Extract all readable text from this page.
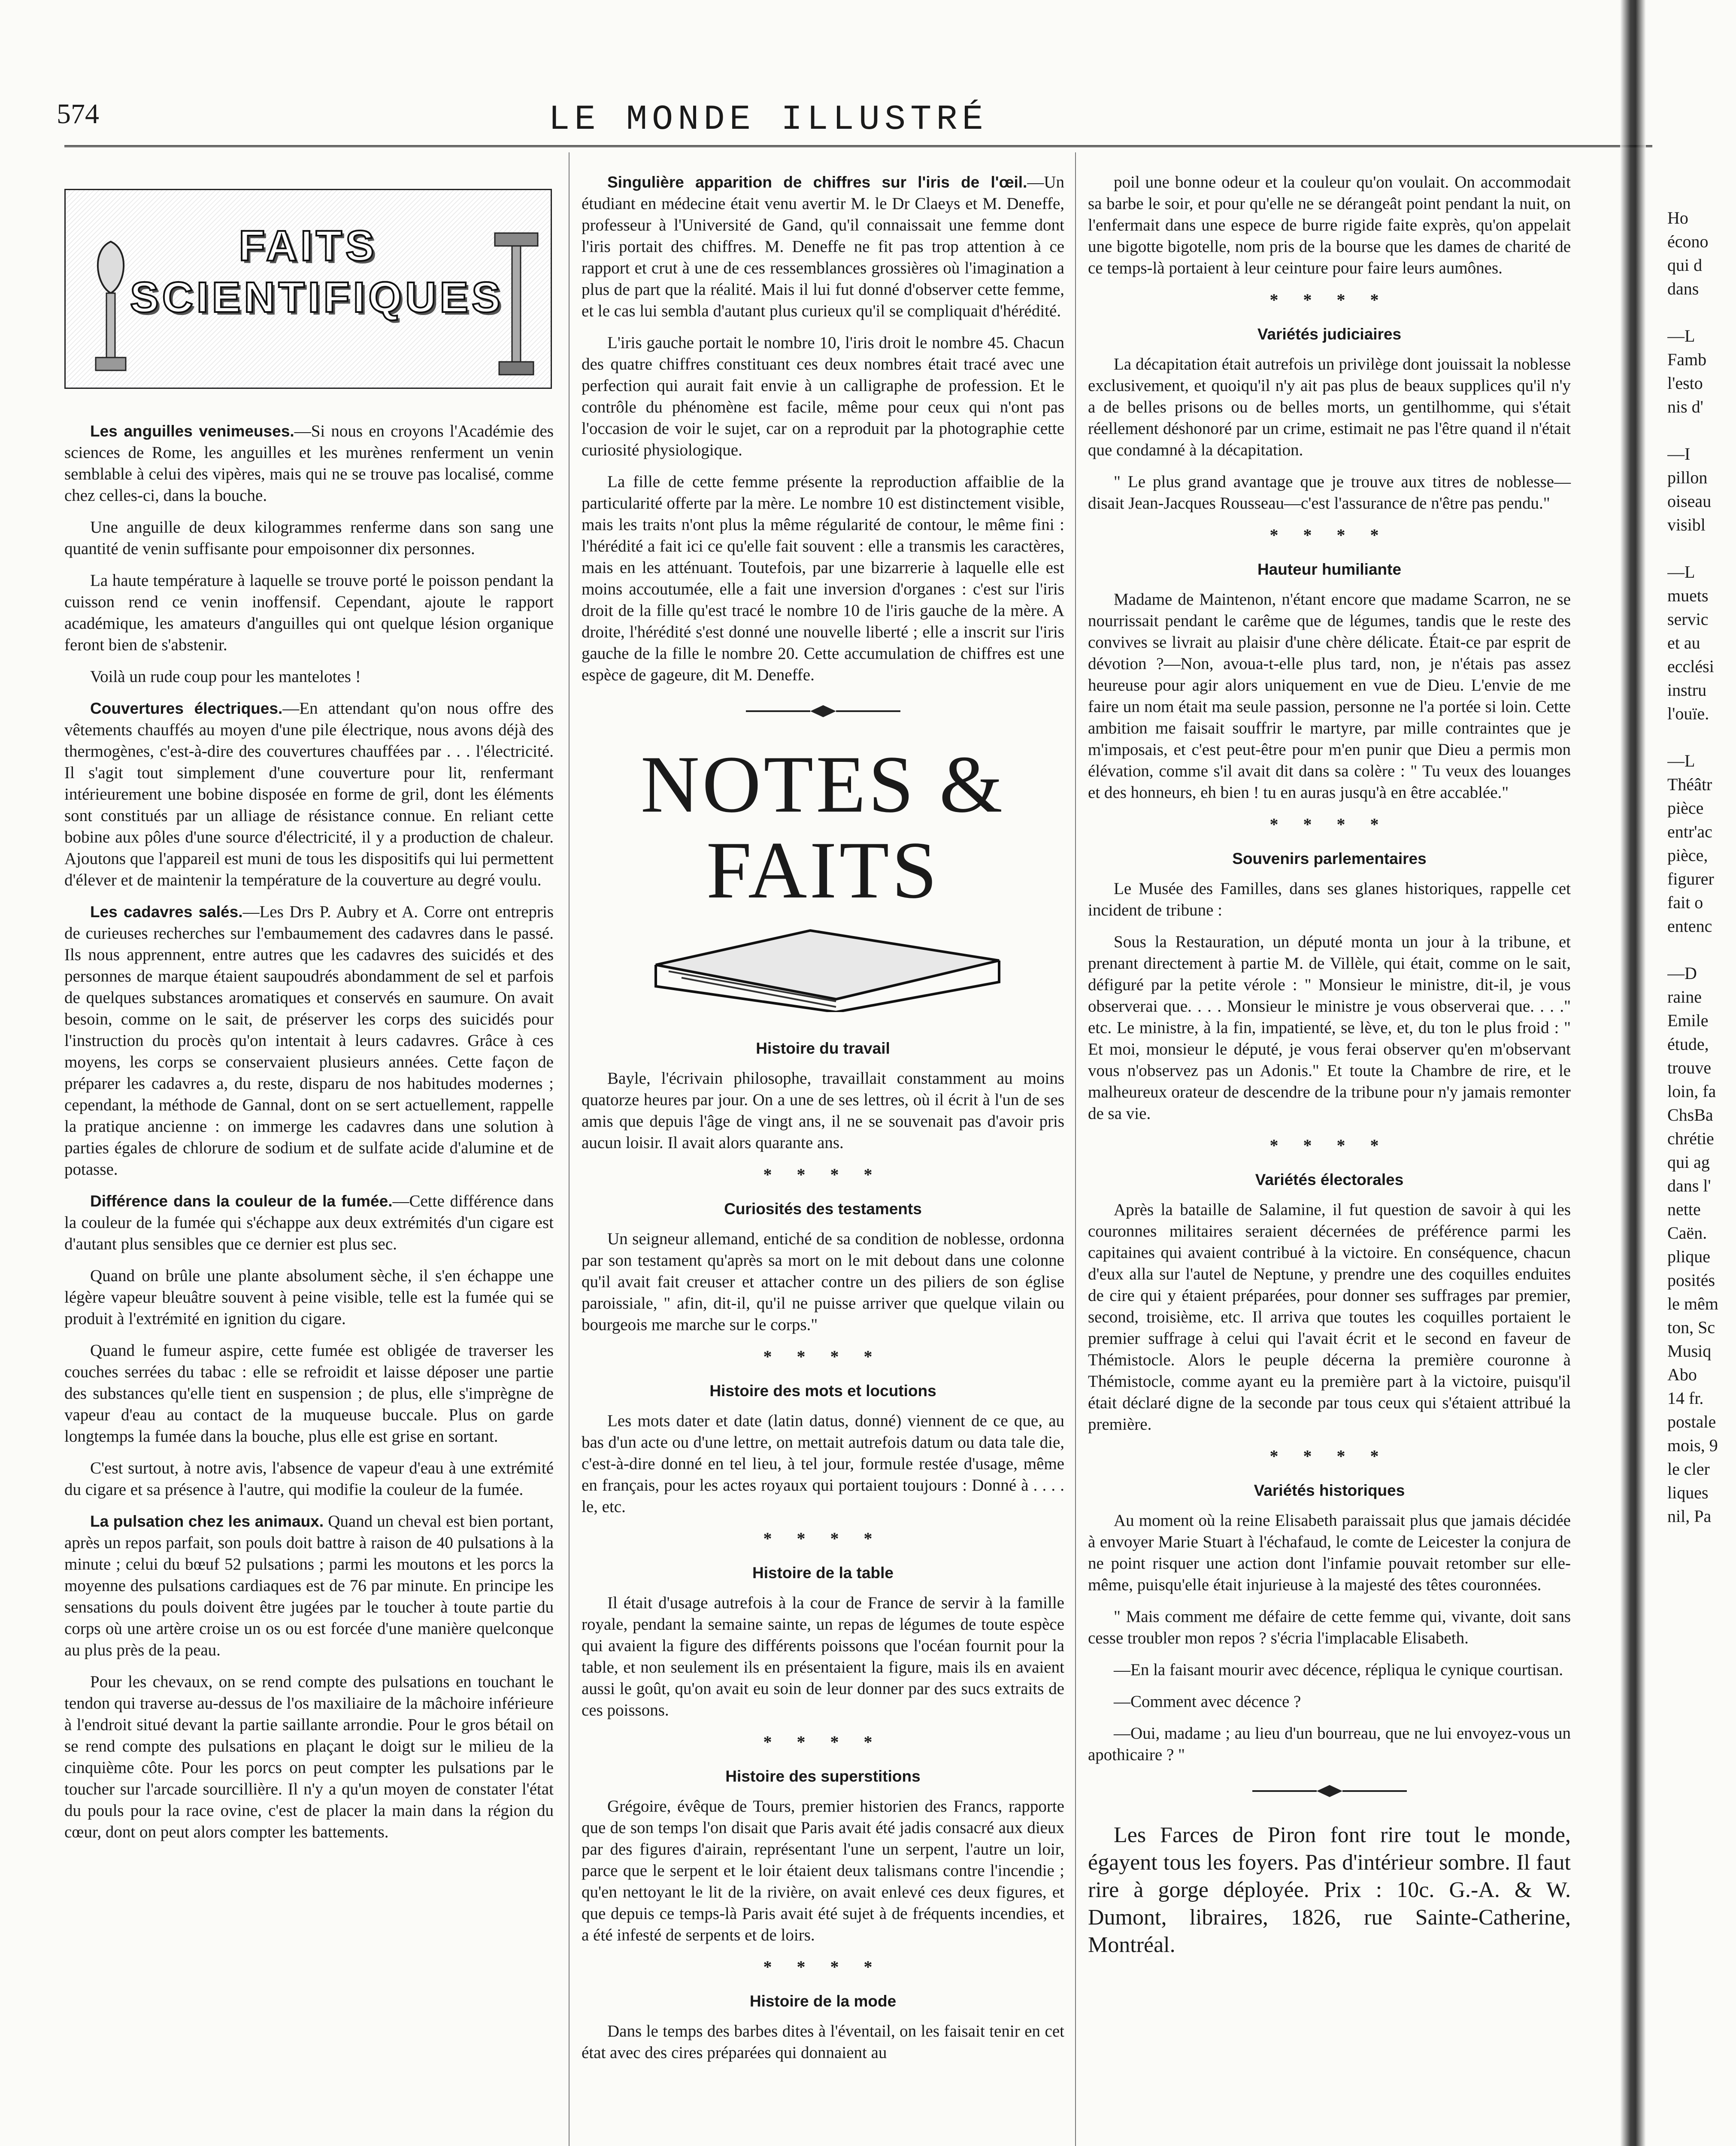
574	LE MONDE ILLUSTRÉ
FAITS
SCIENTIFIQUES

Les anguilles venimeuses.—Si nous en croyons l'Académie des sciences de Rome, les anguilles et les murènes renferment un venin semblable à celui des vipères, mais qui ne se trouve pas localisé, comme chez celles-ci, dans la bouche.

Une anguille de deux kilogrammes renferme dans son sang une quantité de venin suffisante pour empoisonner dix personnes.

La haute température à laquelle se trouve porté le poisson pendant la cuisson rend ce venin inoffensif. Cependant, ajoute le rapport académique, les amateurs d'anguilles qui ont quelque lésion organique feront bien de s'abstenir.

Voilà un rude coup pour les mantelotes !

Couvertures électriques.—En attendant qu'on nous offre des vêtements chauffés au moyen d'une pile électrique, nous avons déjà des thermogènes, c'est-à-dire des couvertures chauffées par . . . l'électricité. Il s'agit tout simplement d'une couverture pour lit, renfermant intérieurement une bobine disposée en forme de gril, dont les éléments sont constitués par un alliage de résistance connue. En reliant cette bobine aux pôles d'une source d'électricité, il y a production de chaleur. Ajoutons que l'appareil est muni de tous les dispositifs qui lui permettent d'élever et de maintenir la température de la couverture au degré voulu.

Les cadavres salés.—Les Drs P. Aubry et A. Corre ont entrepris de curieuses recherches sur l'embaumement des cadavres dans le passé. Ils nous apprennent, entre autres que les cadavres des suicidés et des personnes de marque étaient saupoudrés abondamment de sel et parfois de quelques substances aromatiques et conservés en saumure. On avait besoin, comme on le sait, de préserver les corps des suicidés pour l'instruction du procès qu'on intentait à leurs cadavres. Grâce à ces moyens, les corps se conservaient plusieurs années. Cette façon de préparer les cadavres a, du reste, disparu de nos habitudes modernes ; cependant, la méthode de Gannal, dont on se sert actuellement, rappelle la pratique ancienne : on immerge les cadavres dans une solution à parties égales de chlorure de sodium et de sulfate acide d'alumine et de potasse.

Différence dans la couleur de la fumée.—Cette différence dans la couleur de la fumée qui s'échappe aux deux extrémités d'un cigare est d'autant plus sensibles que ce dernier est plus sec.

Quand on brûle une plante absolument sèche, il s'en échappe une légère vapeur bleuâtre souvent à peine visible, telle est la fumée qui se produit à l'extrémité en ignition du cigare.

Quand le fumeur aspire, cette fumée est obligée de traverser les couches serrées du tabac : elle se refroidit et laisse déposer une partie des substances qu'elle tient en suspension ; de plus, elle s'imprègne de vapeur d'eau au contact de la muqueuse buccale. Plus on garde longtemps la fumée dans la bouche, plus elle est grise en sortant.

C'est surtout, à notre avis, l'absence de vapeur d'eau à une extrémité du cigare et sa présence à l'autre, qui modifie la couleur de la fumée.

La pulsation chez les animaux. Quand un cheval est bien portant, après un repos parfait, son pouls doit battre à raison de 40 pulsations à la minute ; celui du bœuf 52 pulsations ; parmi les moutons et les porcs la moyenne des pulsations cardiaques est de 76 par minute. En principe les sensations du pouls doivent être jugées par le toucher à toute partie du corps où une artère croise un os ou est forcée d'une manière quelconque au plus près de la peau.

Pour les chevaux, on se rend compte des pulsations en touchant le tendon qui traverse au-dessus de l'os maxiliaire de la mâchoire inférieure à l'endroit situé devant la partie saillante arrondie. Pour le gros bétail on se rend compte des pulsations en plaçant le doigt sur le milieu de la cinquième côte. Pour les porcs on peut compter les pulsations par le toucher sur l'arcade sourcillière. Il n'y a qu'un moyen de constater l'état du pouls pour la race ovine, c'est de placer la main dans la région du cœur, dont on peut alors compter les battements.

Singulière apparition de chiffres sur l'iris de l'œil.—Un étudiant en médecine était venu avertir M. le Dr Claeys et M. Deneffe, professeur à l'Université de Gand, qu'il connaissait une femme dont l'iris portait des chiffres. M. Deneffe ne fit pas trop attention à ce rapport et crut à une de ces ressemblances grossières où l'imagination a plus de part que la réalité. Mais il lui fut donné d'observer cette femme, et le cas lui sembla d'autant plus curieux qu'il se compliquait d'hérédité.

L'iris gauche portait le nombre 10, l'iris droit le nombre 45. Chacun des quatre chiffres constituant ces deux nombres était tracé avec une perfection qui aurait fait envie à un calligraphe de profession. Et le contrôle du phénomène est facile, même pour ceux qui n'ont pas l'occasion de voir le sujet, car on a reproduit par la photographie cette curiosité physiologique.

La fille de cette femme présente la reproduction affaiblie de la particularité offerte par la mère. Le nombre 10 est distinctement visible, mais les traits n'ont plus la même régularité de contour, le même fini : l'hérédité a fait ici ce qu'elle fait souvent : elle a transmis les caractères, mais en les atténuant. Toutefois, par une bizarrerie à laquelle elle est moins accoutumée, elle a fait une inversion d'organes : c'est sur l'iris droit de la fille qu'est tracé le nombre 10 de l'iris gauche de la mère. A droite, l'hérédité s'est donné une nouvelle liberté ; elle a inscrit sur l'iris gauche de la fille le nombre 20. Cette accumulation de chiffres est une espèce de gageure, dit M. Deneffe.

NOTES & FAITS
Histoire du travail

Bayle, l'écrivain philosophe, travaillait constamment au moins quatorze heures par jour. On a une de ses lettres, où il écrit à l'un de ses amis que depuis l'âge de vingt ans, il ne se souvenait pas d'avoir pris aucun loisir. Il avait alors quarante ans.

* * * *
Curiosités des testaments

Un seigneur allemand, entiché de sa condition de noblesse, ordonna par son testament qu'après sa mort on le mit debout dans une colonne qu'il avait fait creuser et attacher contre un des piliers de son église paroissiale, " afin, dit-il, qu'il ne puisse arriver que quelque vilain ou bourgeois me marche sur le corps."

* * * *
Histoire des mots et locutions

Les mots dater et date (latin datus, donné) viennent de ce que, au bas d'un acte ou d'une lettre, on mettait autrefois datum ou data tale die, c'est-à-dire donné en tel lieu, à tel jour, formule restée d'usage, même en français, pour les actes royaux qui portaient toujours : Donné à . . . . le, etc.

* * * *
Histoire de la table

Il était d'usage autrefois à la cour de France de servir à la famille royale, pendant la semaine sainte, un repas de légumes de toute espèce qui avaient la figure des différents poissons que l'océan fournit pour la table, et non seulement ils en présentaient la figure, mais ils en avaient aussi le goût, qu'on avait eu soin de leur donner par des sucs extraits de ces poissons.

* * * *
Histoire des superstitions

Grégoire, évêque de Tours, premier historien des Francs, rapporte que de son temps l'on disait que Paris avait été jadis consacré aux dieux par des figures d'airain, représentant l'une un serpent, l'autre un loir, parce que le serpent et le loir étaient deux talismans contre l'incendie ; qu'en nettoyant le lit de la rivière, on avait enlevé ces deux figures, et que depuis ce temps-là Paris avait été sujet à de fréquents incendies, et a été infesté de serpents et de loirs.

* * * *
Histoire de la mode

Dans le temps des barbes dites à l'éventail, on les faisait tenir en cet état avec des cires préparées qui donnaient au

poil une bonne odeur et la couleur qu'on voulait. On accommodait sa barbe le soir, et pour qu'elle ne se dérangeât point pendant la nuit, on l'enfermait dans une espece de burre rigide faite exprès, qu'on appelait une bigotte bigotelle, nom pris de la bourse que les dames de charité de ce temps-là portaient à leur ceinture pour faire leurs aumônes.

* * * *
Variétés judiciaires

La décapitation était autrefois un privilège dont jouissait la noblesse exclusivement, et quoiqu'il n'y ait pas plus de beaux supplices qu'il n'y a de belles prisons ou de belles morts, un gentilhomme, qui s'était réellement déshonoré par un crime, estimait ne pas l'être quand il n'était que condamné à la décapitation.

" Le plus grand avantage que je trouve aux titres de noblesse—disait Jean-Jacques Rousseau—c'est l'assurance de n'être pas pendu."

* * * *
Hauteur humiliante

Madame de Maintenon, n'étant encore que madame Scarron, ne se nourrissait pendant le carême que de légumes, tandis que le reste des convives se livrait au plaisir d'une chère délicate. Était-ce par esprit de dévotion ?—Non, avoua-t-elle plus tard, non, je n'étais pas assez heureuse pour agir alors uniquement en vue de Dieu. L'envie de me faire un nom était ma seule passion, personne ne l'a portée si loin. Cette ambition me faisait souffrir le martyre, par mille contraintes que je m'imposais, et c'est peut-être pour m'en punir que Dieu a permis mon élévation, comme s'il avait dit dans sa colère : " Tu veux des louanges et des honneurs, eh bien ! tu en auras jusqu'à en être accablée."

* * * *
Souvenirs parlementaires

Le Musée des Familles, dans ses glanes historiques, rappelle cet incident de tribune :

Sous la Restauration, un député monta un jour à la tribune, et prenant directement à partie M. de Villèle, qui était, comme on le sait, défiguré par la petite vérole : " Monsieur le ministre, dit-il, je vous observerai que. . . . Monsieur le ministre je vous observerai que. . . ." etc. Le ministre, à la fin, impatienté, se lève, et, du ton le plus froid : " Et moi, monsieur le député, je vous ferai observer qu'en m'observant vous n'observez pas un Adonis." Et toute la Chambre de rire, et le malheureux orateur de descendre de la tribune pour n'y jamais remonter de sa vie.

* * * *
Variétés électorales

Après la bataille de Salamine, il fut question de savoir à qui les couronnes militaires seraient décernées de préférence parmi les capitaines qui avaient contribué à la victoire. En conséquence, chacun d'eux alla sur l'autel de Neptune, y prendre une des coquilles enduites de cire qui y étaient préparées, pour donner ses suffrages par premier, second, troisième, etc. Il arriva que toutes les coquilles portaient le premier suffrage à celui qui l'avait écrit et le second en faveur de Thémistocle. Alors le peuple décerna la première couronne à Thémistocle, comme ayant eu la première part à la victoire, puisqu'il était déclaré digne de la seconde par tous ceux qui s'étaient attribué la première.

* * * *
Variétés historiques

Au moment où la reine Elisabeth paraissait plus que jamais décidée à envoyer Marie Stuart à l'échafaud, le comte de Leicester la conjura de ne point risquer une action dont l'infamie pouvait retomber sur elle-même, puisqu'elle était injurieuse à la majesté des têtes couronnées.

" Mais comment me défaire de cette femme qui, vivante, doit sans cesse troubler mon repos ? s'écria l'implacable Elisabeth.

—En la faisant mourir avec décence, répliqua le cynique courtisan.

—Comment avec décence ?

—Oui, madame ; au lieu d'un bourreau, que ne lui envoyez-vous un apothicaire ? "

Les Farces de Piron font rire tout le monde, égayent tous les foyers. Pas d'intérieur sombre. Il faut rire à gorge déployée. Prix : 10c. G.-A. & W. Dumont, libraires, 1826, rue Sainte-Catherine, Montréal.

Ho
écono
qui d
dans

—L
Famb
l'esto
nis d'

—I
pillon
oiseau
visibl

—L
muets
servic
et au
ecclési
instru
l'ouïe.

—L
Théâtr
pièce
entr'ac
pièce,
figurer
fait o
entenc

—D
raine
Emile
étude,
trouve
loin, fa
ChsBa
chrétie
qui ag
dans l'
nette
Caën.
plique
posités
le mêm
ton, Sc
Musiq
Abo
14 fr.
postale
mois, 9
le cler
liques
nil, Pa
